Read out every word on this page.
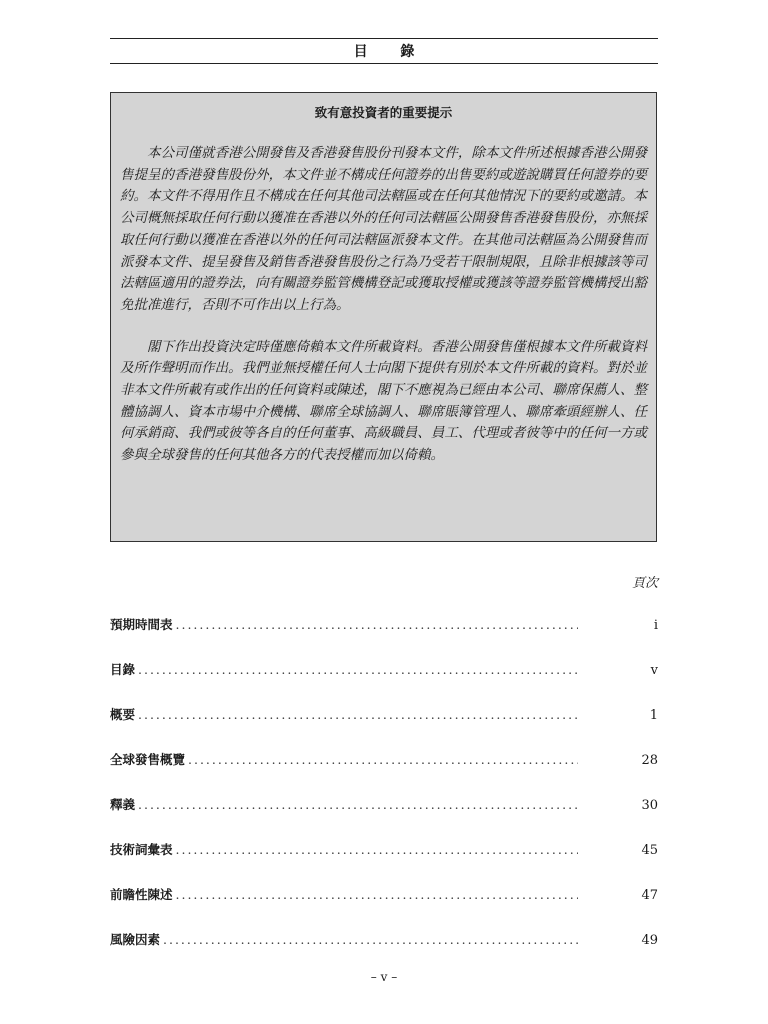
目 錄
致有意投資者的重要提示

本公司僅就香港公開發售及香港發售股份刊發本文件，除本文件所述根據香港公開發售提呈的香港發售股份外，本文件並不構成任何證券的出售要約或遊說購買任何證券的要約。本文件不得用作且不構成在任何其他司法轄區或在任何其他情況下的要約或邀請。本公司概無採取任何行動以獲准在香港以外的任何司法轄區公開發售香港發售股份，亦無採取任何行動以獲准在香港以外的任何司法轄區派發本文件。在其他司法轄區為公開發售而派發本文件、提呈發售及銷售香港發售股份之行為乃受若干限制規限，且除非根據該等司法轄區適用的證券法，向有關證券監管機構登記或獲取授權或獲該等證券監管機構授出豁免批准進行，否則不可作出以上行為。

閣下作出投資決定時僅應倚賴本文件所載資料。香港公開發售僅根據本文件所載資料及所作聲明而作出。我們並無授權任何人士向閣下提供有別於本文件所載的資料。對於並非本文件所載有或作出的任何資料或陳述，閣下不應視為已經由本公司、聯席保薦人、整體協調人、資本市場中介機構、聯席全球協調人、聯席賬簿管理人、聯席牽頭經辦人、任何承銷商、我們或彼等各自的任何董事、高級職員、員工、代理或者彼等中的任何一方或參與全球發售的任何其他各方的代表授權而加以倚賴。

頁次
預期時間表 .....	i
目錄 .....	v
概要 .....	1
全球發售概覽 .....	28
釋義 .....	30
技術詞彙表 .....	45
前瞻性陳述 .....	47
風險因素 .....	49
– v –
